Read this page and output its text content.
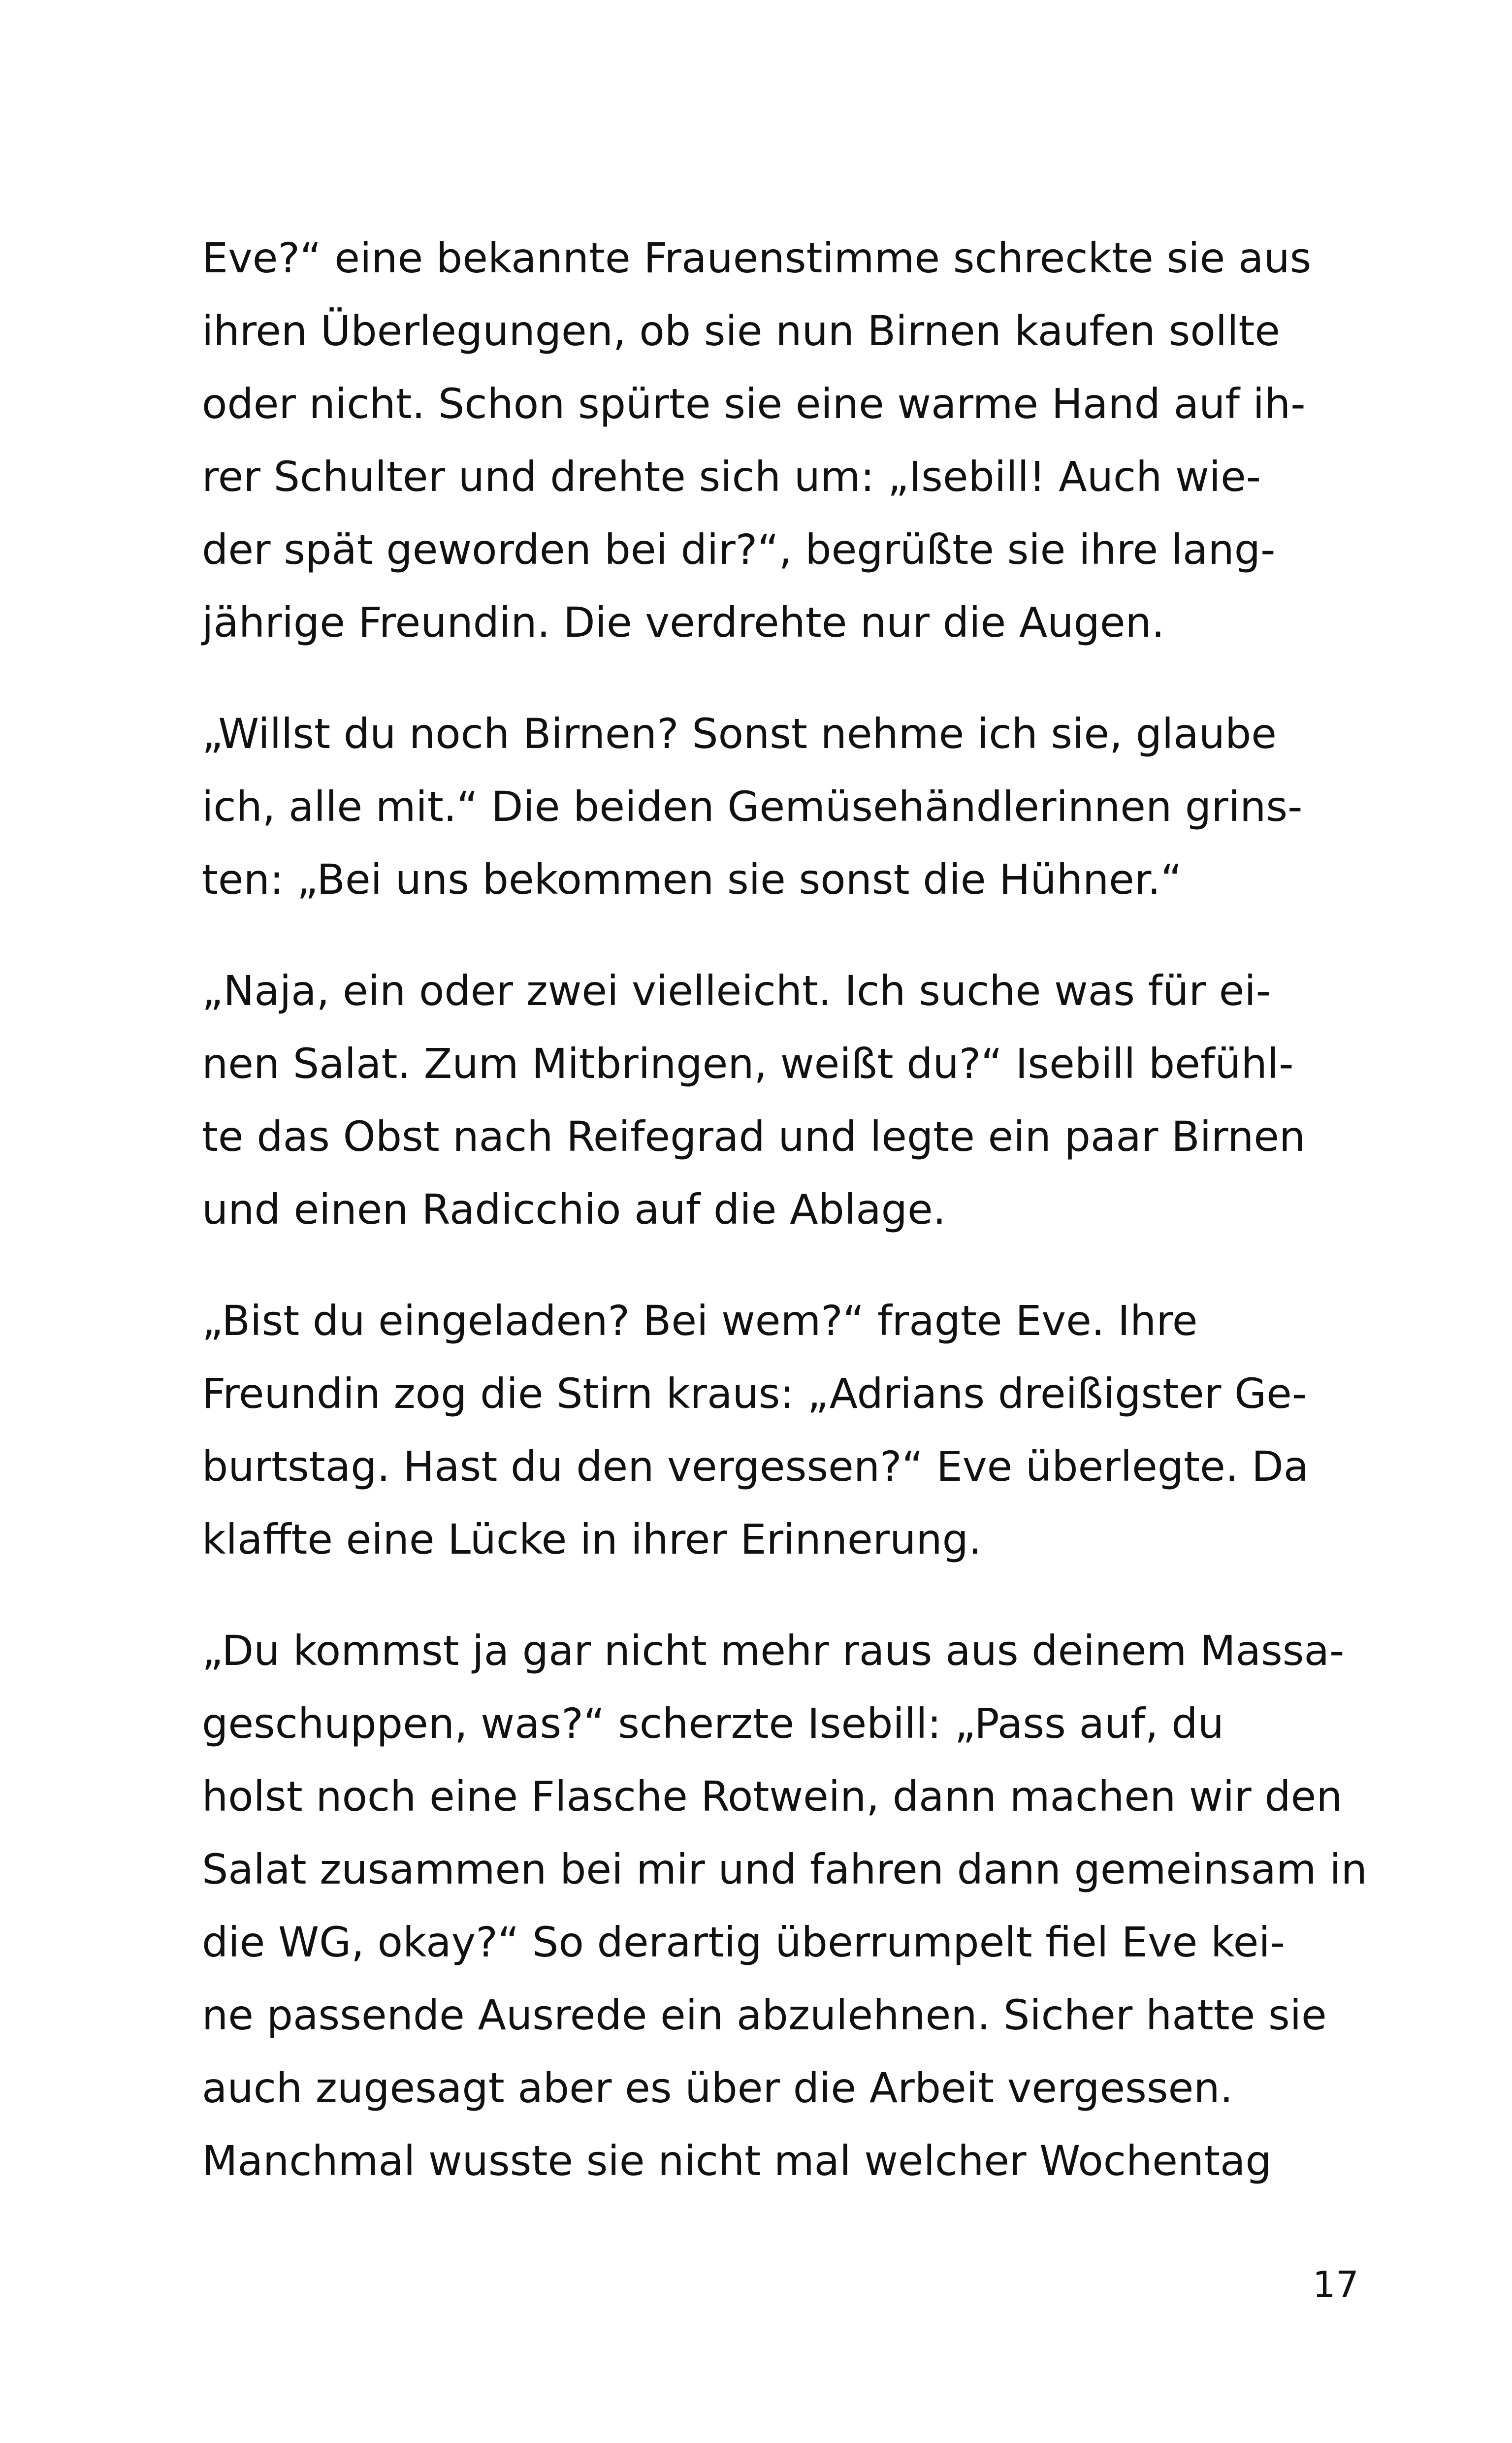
Eve?“ eine bekannte Frauenstimme schreckte sie aus
ihren Überlegungen, ob sie nun Birnen kaufen sollte
oder nicht. Schon spürte sie eine warme Hand auf ih-
rer Schulter und drehte sich um: „Isebill! Auch wie-
der spät geworden bei dir?“, begrüßte sie ihre lang-
jährige Freundin. Die verdrehte nur die Augen.

„Willst du noch Birnen? Sonst nehme ich sie, glaube
ich, alle mit.“ Die beiden Gemüsehändlerinnen grins-
ten: „Bei uns bekommen sie sonst die Hühner.“

„Naja, ein oder zwei vielleicht. Ich suche was für ei-
nen Salat. Zum Mitbringen, weißt du?“ Isebill befühl-
te das Obst nach Reifegrad und legte ein paar Birnen
und einen Radicchio auf die Ablage.

„Bist du eingeladen? Bei wem?“ fragte Eve. Ihre
Freundin zog die Stirn kraus: „Adrians dreißigster Ge-
burtstag. Hast du den vergessen?“ Eve überlegte. Da
klaffte eine Lücke in ihrer Erinnerung.

„Du kommst ja gar nicht mehr raus aus deinem Massa-
geschuppen, was?“ scherzte Isebill: „Pass auf, du
holst noch eine Flasche Rotwein, dann machen wir den
Salat zusammen bei mir und fahren dann gemeinsam in
die WG, okay?“ So derartig überrumpelt fiel Eve kei-
ne passende Ausrede ein abzulehnen. Sicher hatte sie
auch zugesagt aber es über die Arbeit vergessen.
Manchmal wusste sie nicht mal welcher Wochentag

17
